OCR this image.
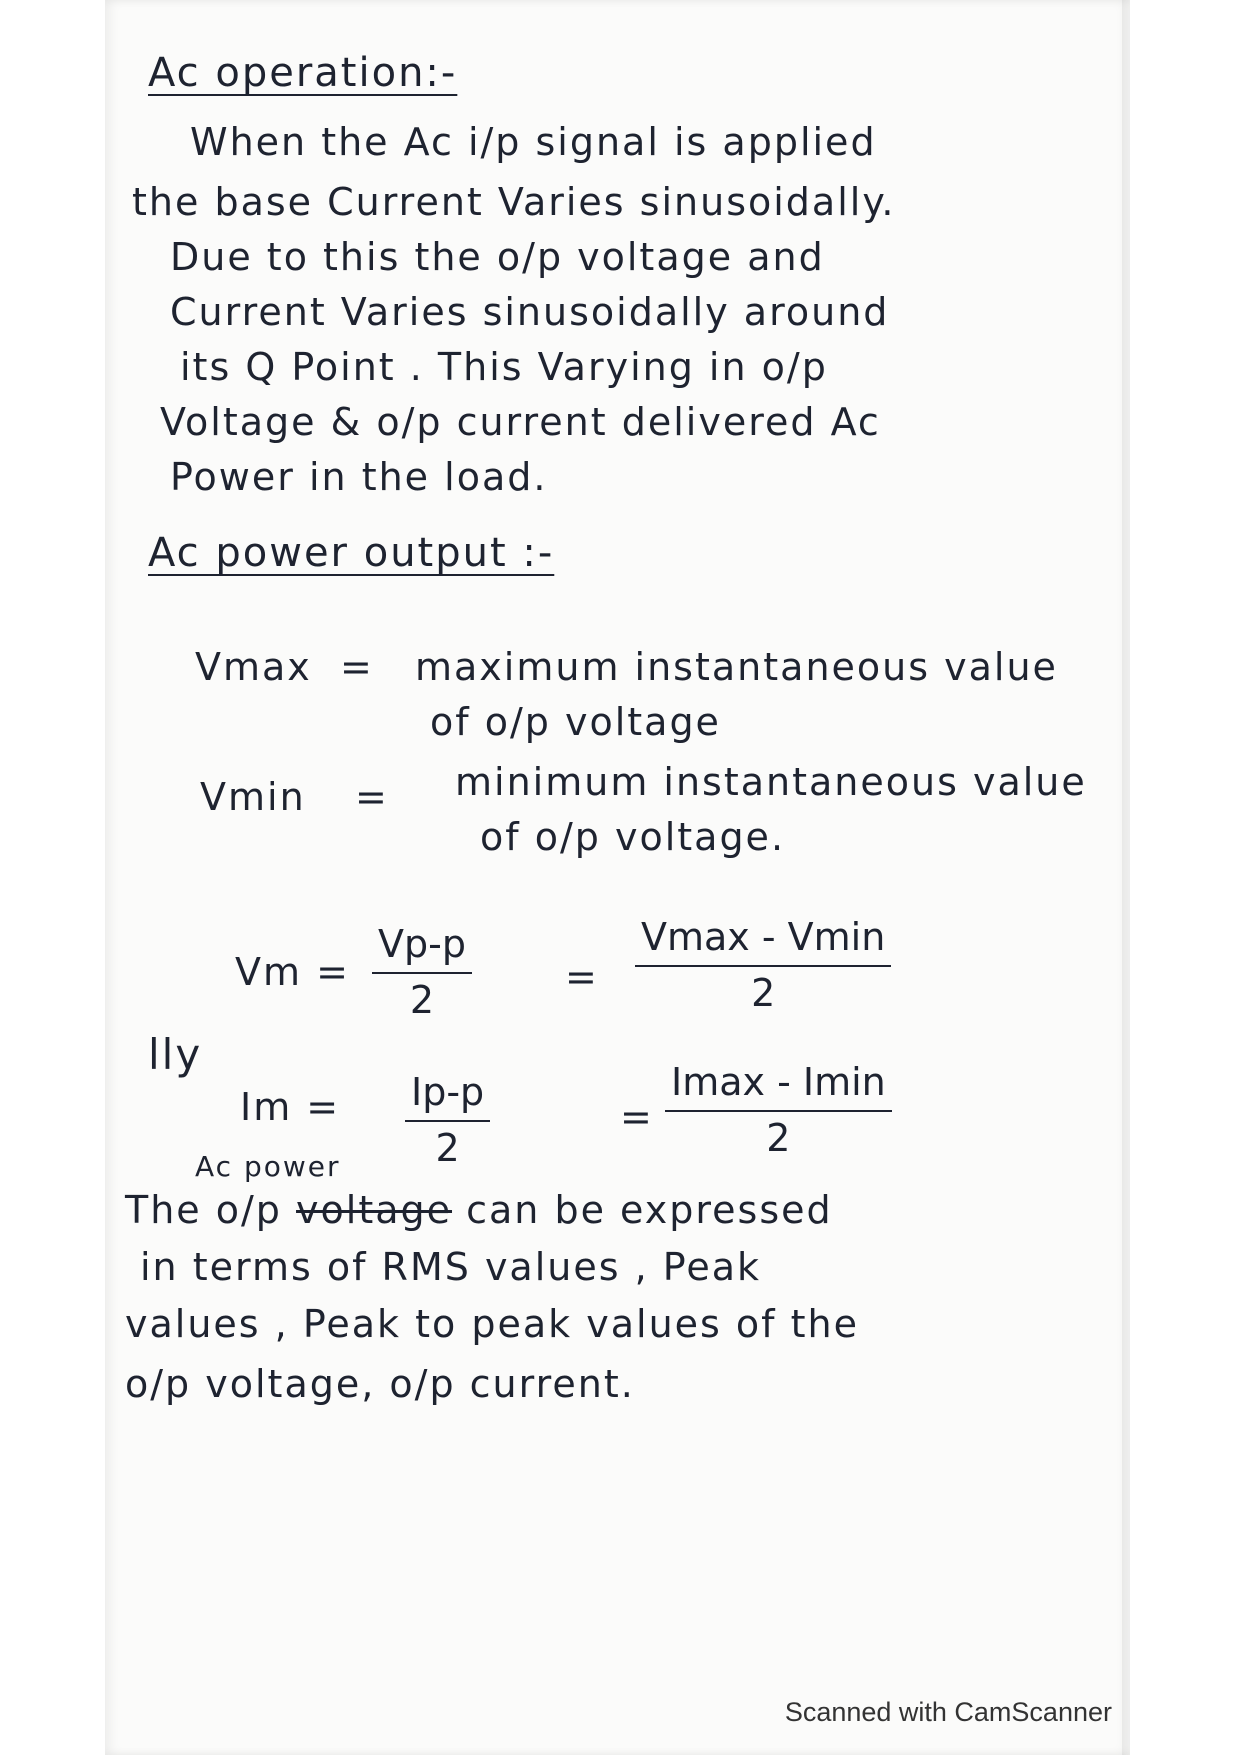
Ac operation:-
When the Ac i/p signal is applied
the base Current Varies sinusoidally.
Due to this the o/p voltage and
Current Varies sinusoidally around
its Q Point . This Varying in o/p
Voltage & o/p current delivered Ac
Power in the load.
Ac power output :-
Vmax = maximum instantaneous value
of o/p voltage
Vmin = minimum instantaneous value
of o/p voltage.
Vm =
Vp-p
2
=
Vmax - Vmin
2
lly
Im = Ip-p
2
=
Imax - Imin
2
Ac power
The o/p voltage can be expressed
in terms of RMS values , Peak
values , Peak to peak values of the
o/p voltage, o/p current.
Scanned with CamScanner
